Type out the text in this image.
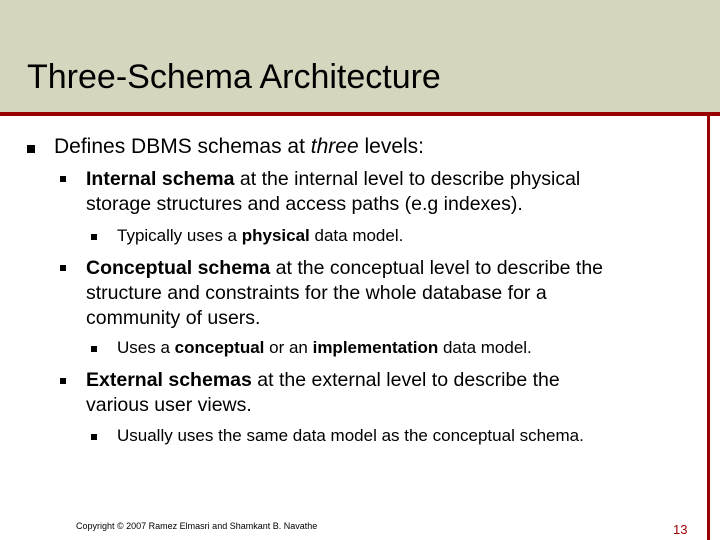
Three-Schema Architecture
Defines DBMS schemas at three levels:
Internal schema at the internal level to describe physical
storage structures and access paths (e.g indexes).
Typically uses a physical data model.
Conceptual schema at the conceptual level to describe the
structure and constraints for the whole database for a
community of users.
Uses a conceptual or an implementation data model.
External schemas at the external level to describe the
various user views.
Usually uses the same data model as the conceptual schema.
Copyright © 2007 Ramez Elmasri and Shamkant B. Navathe	13
